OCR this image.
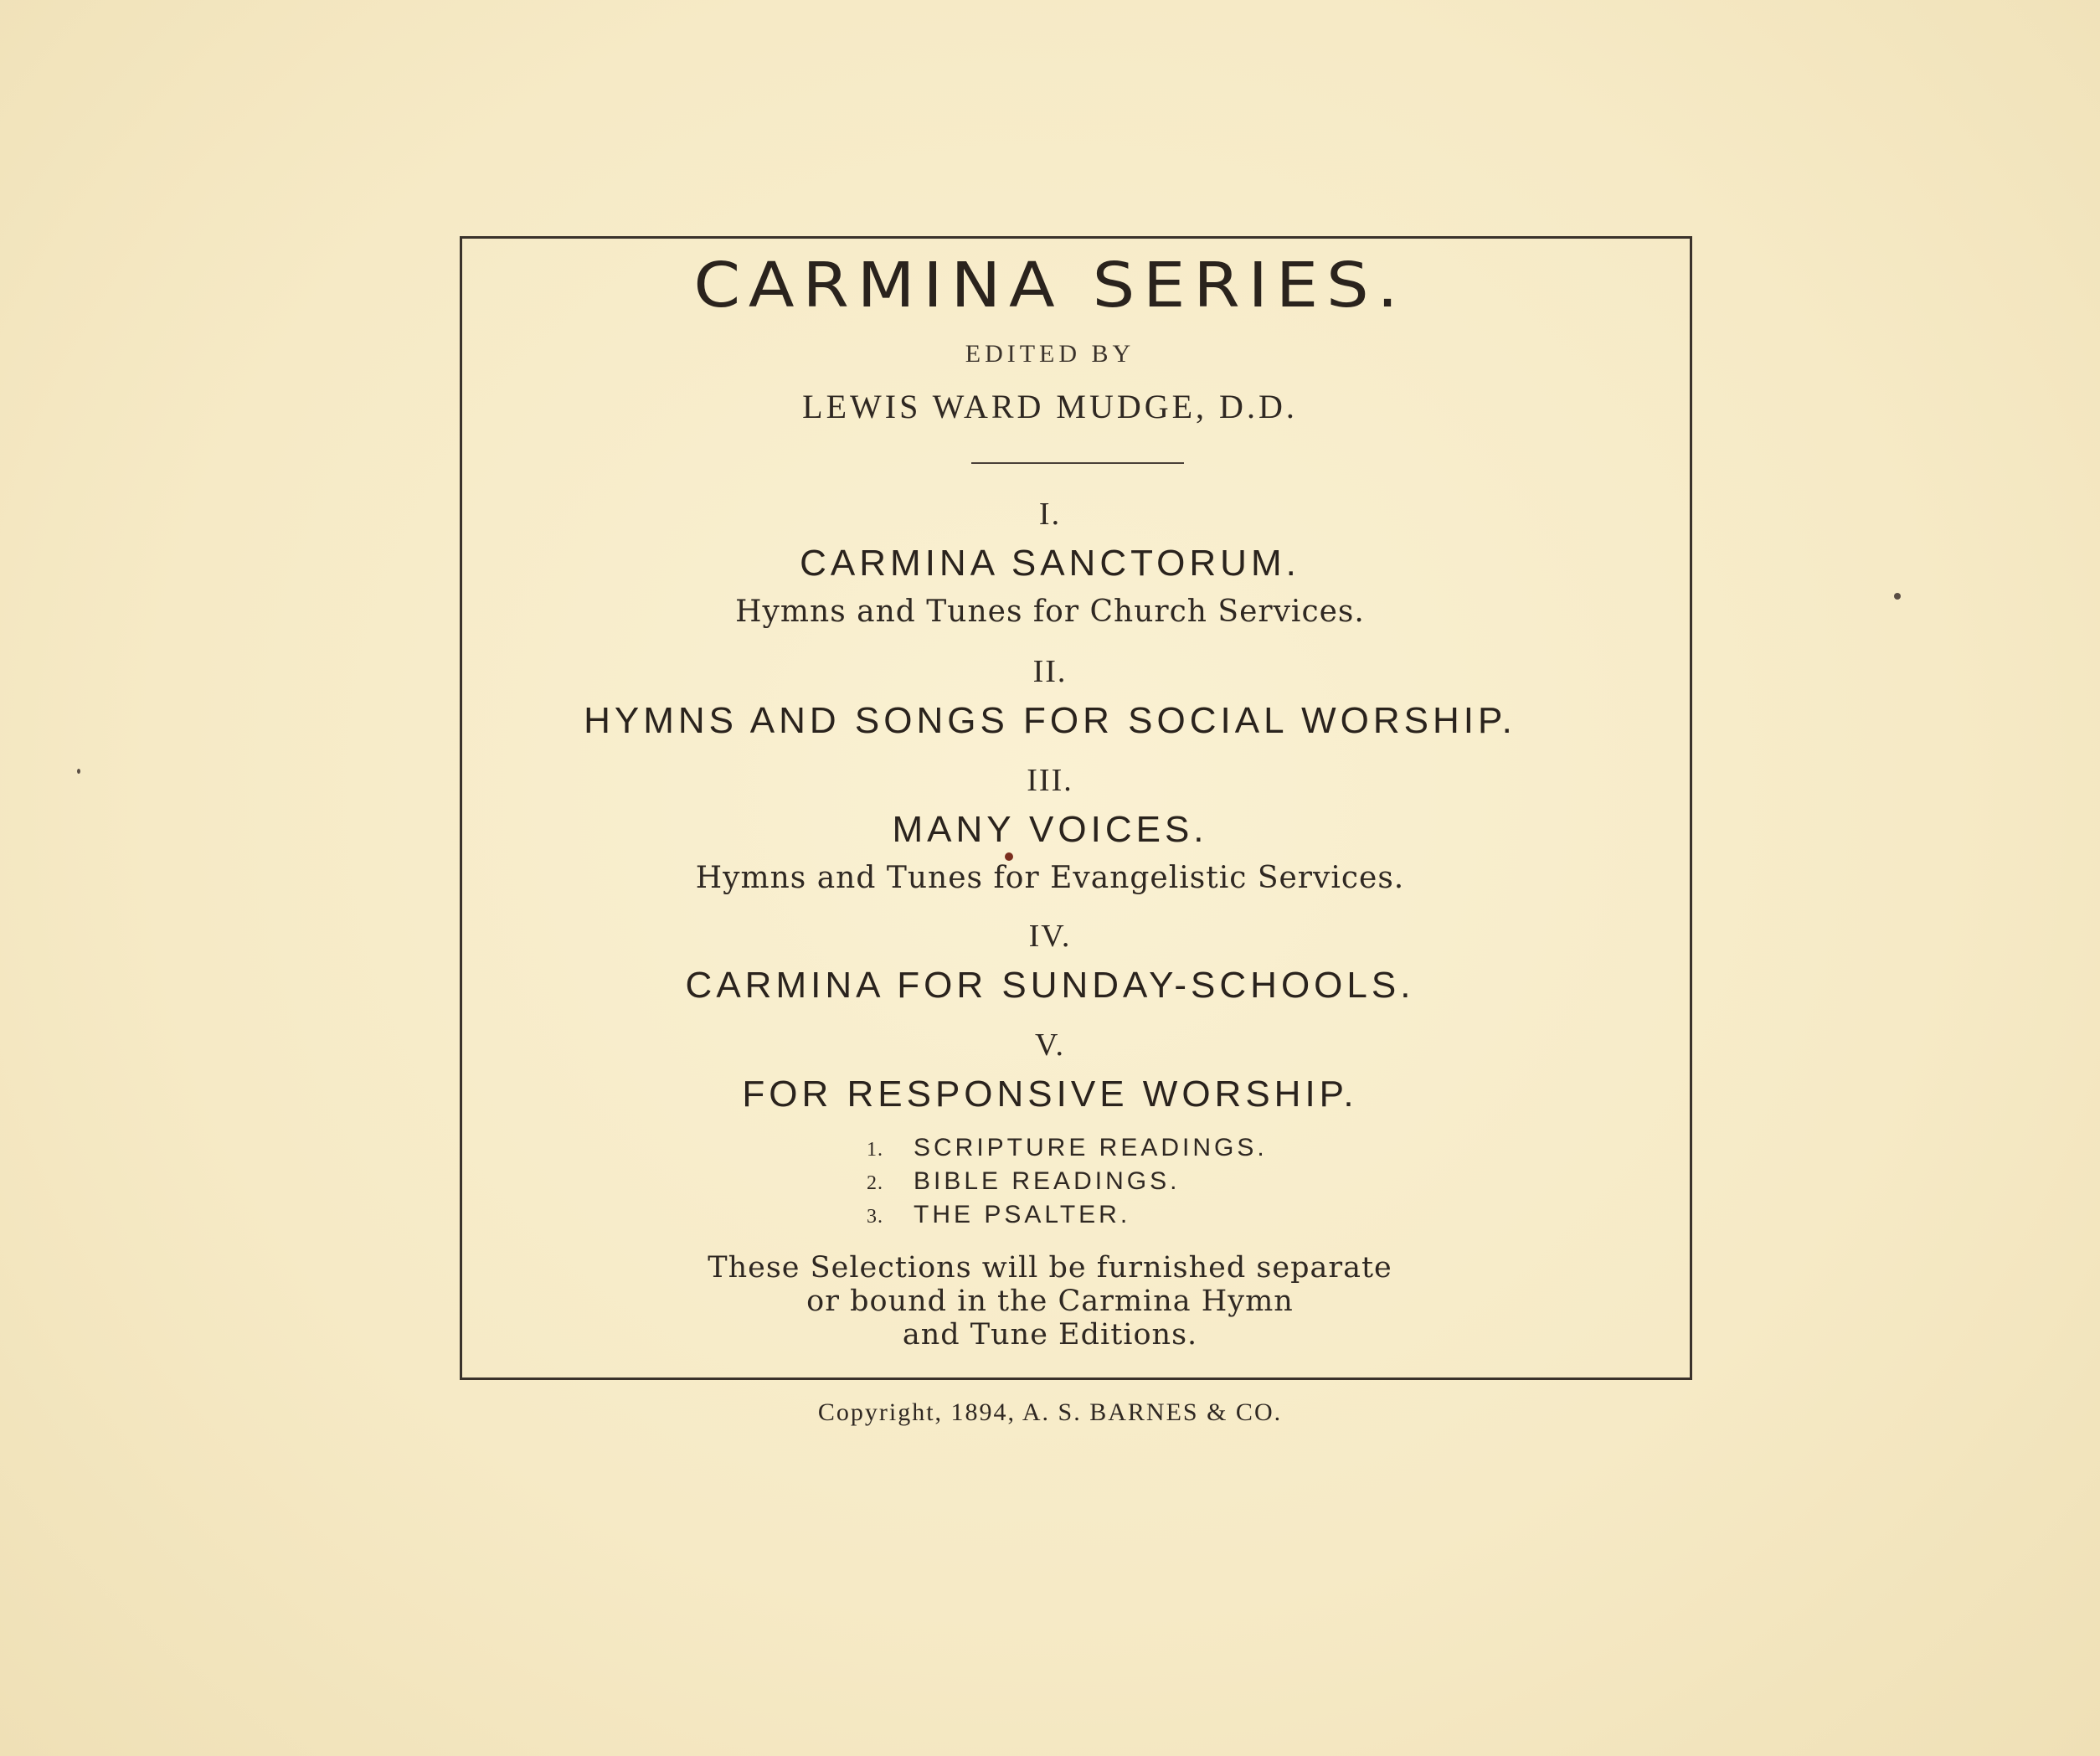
CARMINA SERIES.
EDITED BY
LEWIS WARD MUDGE, D.D.
I.
CARMINA SANCTORUM.
Hymns and Tunes for Church Services.
II.
HYMNS AND SONGS FOR SOCIAL WORSHIP.
III.
MANY VOICES.
Hymns and Tunes for Evangelistic Services.
IV.
CARMINA FOR SUNDAY-SCHOOLS.
V.
FOR RESPONSIVE WORSHIP.
1. SCRIPTURE READINGS.
2. BIBLE READINGS.
3. THE PSALTER.
These Selections will be furnished separate
or bound in the Carmina Hymn
and Tune Editions.
Copyright, 1894, A. S. BARNES & CO.
